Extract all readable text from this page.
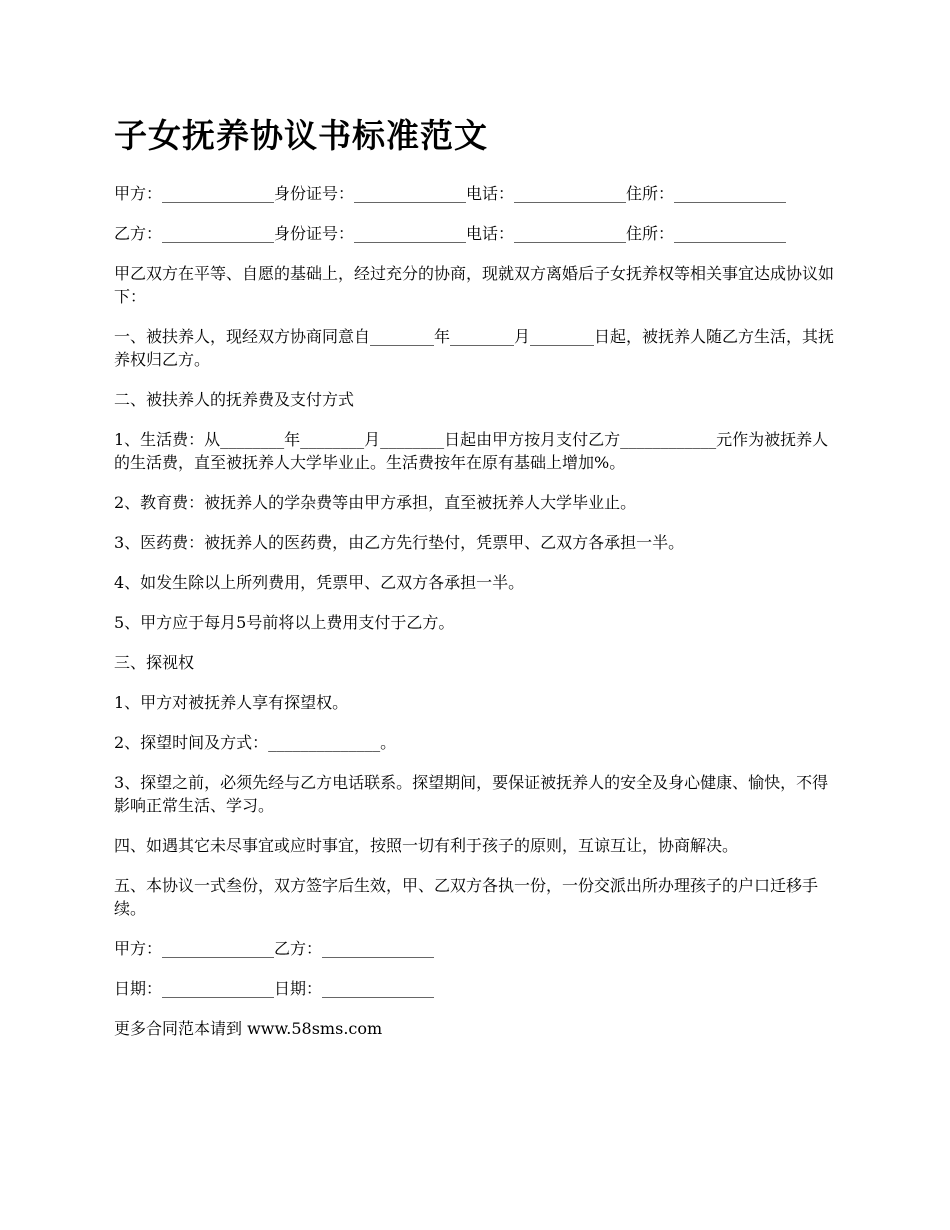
子女抚养协议书标准范文

甲方：______________身份证号：______________电话：______________住所：______________

乙方：______________身份证号：______________电话：______________住所：______________

甲乙双方在平等、自愿的基础上，经过充分的协商，现就双方离婚后子女抚养权等相关事宜达成协议如下：

一、被扶养人，现经双方协商同意自________年________月________日起，被抚养人随乙方生活，其抚养权归乙方。

二、被扶养人的抚养费及支付方式

1、生活费：从________年________月________日起由甲方按月支付乙方____________元作为被抚养人的生活费，直至被抚养人大学毕业止。生活费按年在原有基础上增加%。

2、教育费：被抚养人的学杂费等由甲方承担，直至被抚养人大学毕业止。

3、医药费：被抚养人的医药费，由乙方先行垫付，凭票甲、乙双方各承担一半。

4、如发生除以上所列费用，凭票甲、乙双方各承担一半。

5、甲方应于每月5号前将以上费用支付于乙方。

三、探视权

1、甲方对被抚养人享有探望权。

2、探望时间及方式：______________。

3、探望之前，必须先经与乙方电话联系。探望期间，要保证被抚养人的安全及身心健康、愉快，不得影响正常生活、学习。

四、如遇其它未尽事宜或应时事宜，按照一切有利于孩子的原则，互谅互让，协商解决。

五、本协议一式叁份，双方签字后生效，甲、乙双方各执一份，一份交派出所办理孩子的户口迁移手续。

甲方：______________乙方：______________

日期：______________日期：______________

更多合同范本请到 www.58sms.com
